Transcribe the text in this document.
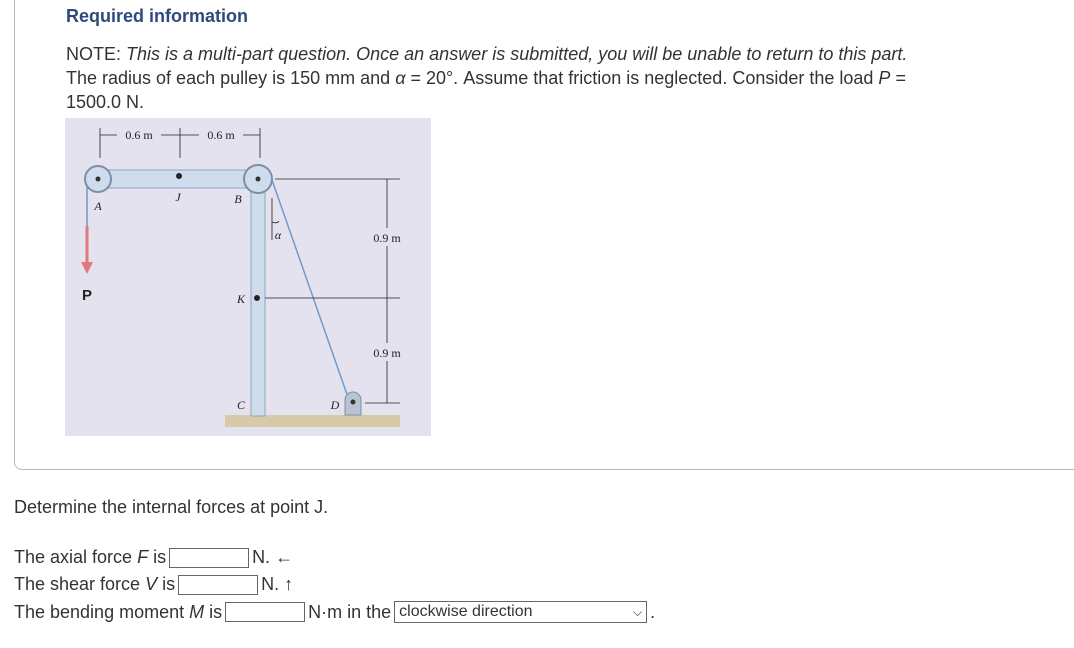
Required information
NOTE: This is a multi-part question. Once an answer is submitted, you will be unable to return to this part.
The radius of each pulley is 150 mm and α = 20°. Assume that friction is neglected. Consider the load P =
1500.0 N.
0.6 m	0.6 m
P
0.9 m
0.9 m
A
J	B
α
K
C	D
Determine the internal forces at point J.
The axial force F is	N. ←
The shear force V is	N. ↑
The bending moment M is	N·m in the clockwise direction	⌵ .
